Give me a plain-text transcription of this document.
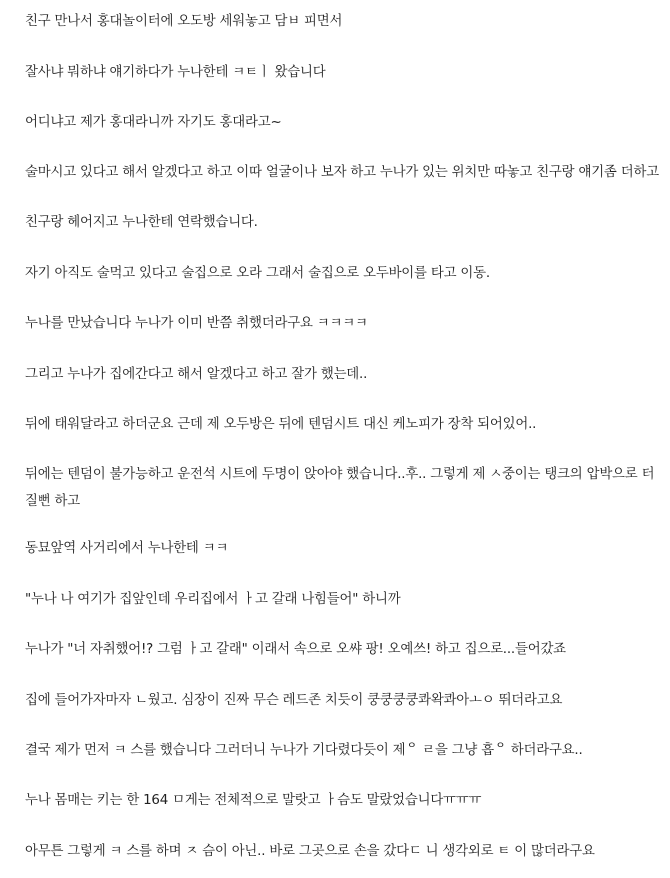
친구 만나서 홍대놀이터에 오도방 세워놓고 담ㅂ 피면서

잘사냐 뭐하냐 얘기하다가 누나한테 ㅋㅌㅣ 왔습니다

어디냐고 제가 홍대라니까 자기도 홍대라고~

술마시고 있다고 해서 알겠다고 하고 이따 얼굴이나 보자 하고 누나가 있는 위치만 따놓고 친구랑 얘기좀 더하고

친구랑 헤어지고 누나한테 연락했습니다.

자기 아직도 술먹고 있다고 술집으로 오라 그래서 술집으로 오두바이를 타고 이동.

누나를 만났습니다 누나가 이미 반쯤 취했더라구요 ㅋㅋㅋㅋ

그리고 누나가 집에간다고 해서 알겠다고 하고 잘가 했는데..

뒤에 태워달라고 하더군요 근데 제 오두방은 뒤에 텐덤시트 대신 케노피가 장착 되어있어..

뒤에는 텐덤이 불가능하고 운전석 시트에 두명이 앉아야 했습니다..후.. 그렇게 제 ㅅ중이는 탱크의 압박으로 터질뻔 하고

동묘앞역 사거리에서 누나한테 ㅋㅋ

"누나 나 여기가 집앞인데 우리집에서 ㅏ고 갈래 나힘들어" 하니까

누나가 "너 자취했어!? 그럼 ㅏ고 갈래" 이래서 속으로 오쌰 팡! 오예쓰! 하고 집으로...들어갔죠

집에 들어가자마자 ㄴ웠고. 심장이 진짜 무슨 레드존 치듯이 쿵쿵쿵쿵콰왁콰아ㅗㅇ 뛰더라고요

결국 제가 먼저 ㅋ 스를 했습니다 그러더니 누나가 기다렸다듯이 제ᄋ ㄹ을 그냥 흡ᄋ 하더라구요..

누나 몸매는 키는 한 164 ㅁ게는 전체적으로 말랏고 ㅏ슴도 말랐었습니다ㅠㅠㅠ

아무튼 그렇게 ㅋ 스를 하며 ㅈ 슴이 아닌.. 바로 그곳으로 손을 갔다ㄷ 니 생각외로 ㅌ 이 많더라구요
